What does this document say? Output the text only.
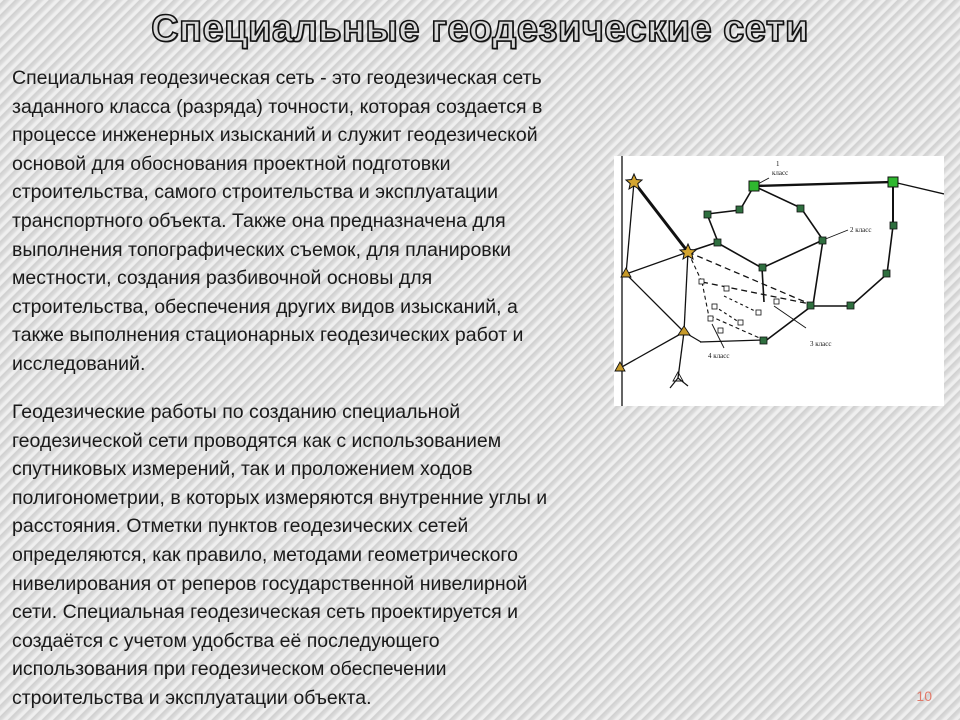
Специальные геодезические сети
Специальная геодезическая сеть - это геодезическая сеть
заданного класса (разряда) точности, которая создается в
процессе инженерных изысканий и служит геодезической
основой для обоснования проектной подготовки
строительства, самого строительства и эксплуатации
транспортного объекта. Также она предназначена для
выполнения топографических съемок, для планировки
местности, создания разбивочной основы для
строительства, обеспечения других видов изысканий, а
также выполнения стационарных геодезических работ и
исследований.
Геодезические работы по созданию специальной
геодезической сети проводятся как с использованием
спутниковых измерений, так и проложением ходов
полигонометрии, в которых измеряются внутренние углы и
расстояния. Отметки пунктов геодезических сетей
определяются, как правило, методами геометрического
нивелирования от реперов государственной нивелирной
сети. Специальная геодезическая сеть проектируется и
создаётся с учетом удобства её последующего
использования при геодезическом обеспечении
строительства и эксплуатации объекта.
1
класс
2 класс
3 класс
4 класс
10
